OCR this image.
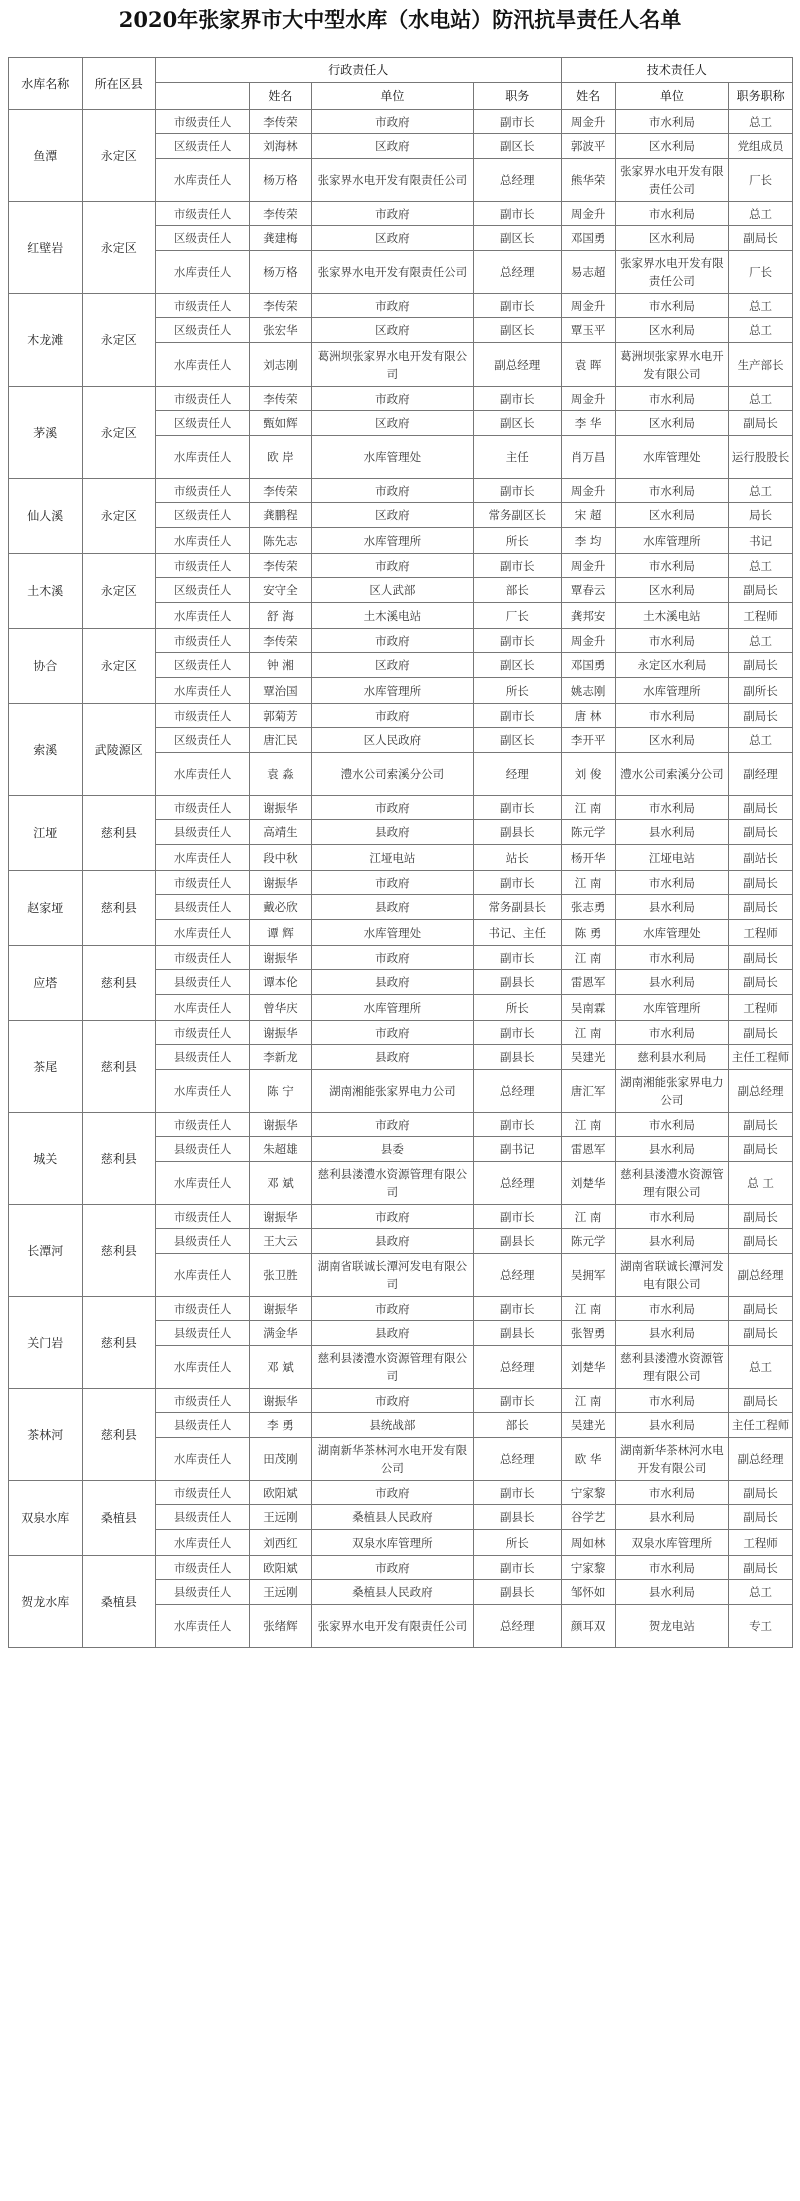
2020年张家界市大中型水库（水电站）防汛抗旱责任人名单
水库名称	所在区县	行政责任人				技术责任人		
			姓名	单位	职务	姓名	单位	职务职称
鱼潭	永定区	市级责任人	李传荣	市政府	副市长	周金升	市水利局	总工
		区级责任人	刘海林	区政府	副区长	郭波平	区水利局	党组成员
		水库责任人	杨万格	张家界水电开发有限责任公司	总经理	熊华荣	张家界水电开发有限责任公司	厂长
红壁岩	永定区	市级责任人	李传荣	市政府	副市长	周金升	市水利局	总工
		区级责任人	龚建梅	区政府	副区长	邓国勇	区水利局	副局长
		水库责任人	杨万格	张家界水电开发有限责任公司	总经理	易志超	张家界水电开发有限责任公司	厂长
木龙滩	永定区	市级责任人	李传荣	市政府	副市长	周金升	市水利局	总工
		区级责任人	张宏华	区政府	副区长	覃玉平	区水利局	总工
		水库责任人	刘志刚	葛洲坝张家界水电开发有限公司	副总经理	袁 晖	葛洲坝张家界水电开发有限公司	生产部长
茅溪	永定区	市级责任人	李传荣	市政府	副市长	周金升	市水利局	总工
		区级责任人	甄如辉	区政府	副区长	李 华	区水利局	副局长
		水库责任人	欧 岸	水库管理处	主任	肖万昌	水库管理处	运行股股长
仙人溪	永定区	市级责任人	李传荣	市政府	副市长	周金升	市水利局	总工
		区级责任人	龚鹏程	区政府	常务副区长	宋 超	区水利局	局长
		水库责任人	陈先志	水库管理所	所长	李 均	水库管理所	书记
土木溪	永定区	市级责任人	李传荣	市政府	副市长	周金升	市水利局	总工
		区级责任人	安守全	区人武部	部长	覃春云	区水利局	副局长
		水库责任人	舒 海	土木溪电站	厂长	龚邦安	土木溪电站	工程师
协合	永定区	市级责任人	李传荣	市政府	副市长	周金升	市水利局	总工
		区级责任人	钟 湘	区政府	副区长	邓国勇	永定区水利局	副局长
		水库责任人	覃治国	水库管理所	所长	姚志刚	水库管理所	副所长
索溪	武陵源区	市级责任人	郭菊芳	市政府	副市长	唐 林	市水利局	副局长
		区级责任人	唐汇民	区人民政府	副区长	李开平	区水利局	总工
		水库责任人	袁 淼	澧水公司索溪分公司	经理	刘 俊	澧水公司索溪分公司	副经理
江垭	慈利县	市级责任人	谢振华	市政府	副市长	江 南	市水利局	副局长
		县级责任人	高靖生	县政府	副县长	陈元学	县水利局	副局长
		水库责任人	段中秋	江垭电站	站长	杨开华	江垭电站	副站长
赵家垭	慈利县	市级责任人	谢振华	市政府	副市长	江 南	市水利局	副局长
		县级责任人	戴必欣	县政府	常务副县长	张志勇	县水利局	副局长
		水库责任人	谭 辉	水库管理处	书记、主任	陈 勇	水库管理处	工程师
应塔	慈利县	市级责任人	谢振华	市政府	副市长	江 南	市水利局	副局长
		县级责任人	谭本伦	县政府	副县长	雷恩军	县水利局	副局长
		水库责任人	曾华庆	水库管理所	所长	吴南霖	水库管理所	工程师
茶尾	慈利县	市级责任人	谢振华	市政府	副市长	江 南	市水利局	副局长
		县级责任人	李新龙	县政府	副县长	吴建光	慈利县水利局	主任工程师
		水库责任人	陈 宁	湖南湘能张家界电力公司	总经理	唐汇军	湖南湘能张家界电力公司	副总经理
城关	慈利县	市级责任人	谢振华	市政府	副市长	江 南	市水利局	副局长
		县级责任人	朱超雄	县委	副书记	雷恩军	县水利局	副局长
		水库责任人	邓 斌	慈利县溇澧水资源管理有限公司	总经理	刘楚华	慈利县溇澧水资源管理有限公司	总 工
长潭河	慈利县	市级责任人	谢振华	市政府	副市长	江 南	市水利局	副局长
		县级责任人	王大云	县政府	副县长	陈元学	县水利局	副局长
		水库责任人	张卫胜	湖南省联诚长潭河发电有限公司	总经理	吴拥军	湖南省联诚长潭河发电有限公司	副总经理
关门岩	慈利县	市级责任人	谢振华	市政府	副市长	江 南	市水利局	副局长
		县级责任人	满金华	县政府	副县长	张智勇	县水利局	副局长
		水库责任人	邓 斌	慈利县溇澧水资源管理有限公司	总经理	刘楚华	慈利县溇澧水资源管理有限公司	总工
茶林河	慈利县	市级责任人	谢振华	市政府	副市长	江 南	市水利局	副局长
		县级责任人	李 勇	县统战部	部长	吴建光	县水利局	主任工程师
		水库责任人	田茂刚	湖南新华茶林河水电开发有限公司	总经理	欧 华	湖南新华茶林河水电开发有限公司	副总经理
双泉水库	桑植县	市级责任人	欧阳斌	市政府	副市长	宁家黎	市水利局	副局长
		县级责任人	王远刚	桑植县人民政府	副县长	谷学艺	县水利局	副局长
		水库责任人	刘西红	双泉水库管理所	所长	周如林	双泉水库管理所	工程师
贺龙水库	桑植县	市级责任人	欧阳斌	市政府	副市长	宁家黎	市水利局	副局长
		县级责任人	王远刚	桑植县人民政府	副县长	邹怀如	县水利局	总工
		水库责任人	张绪辉	张家界水电开发有限责任公司	总经理	颜耳双	贺龙电站	专工
